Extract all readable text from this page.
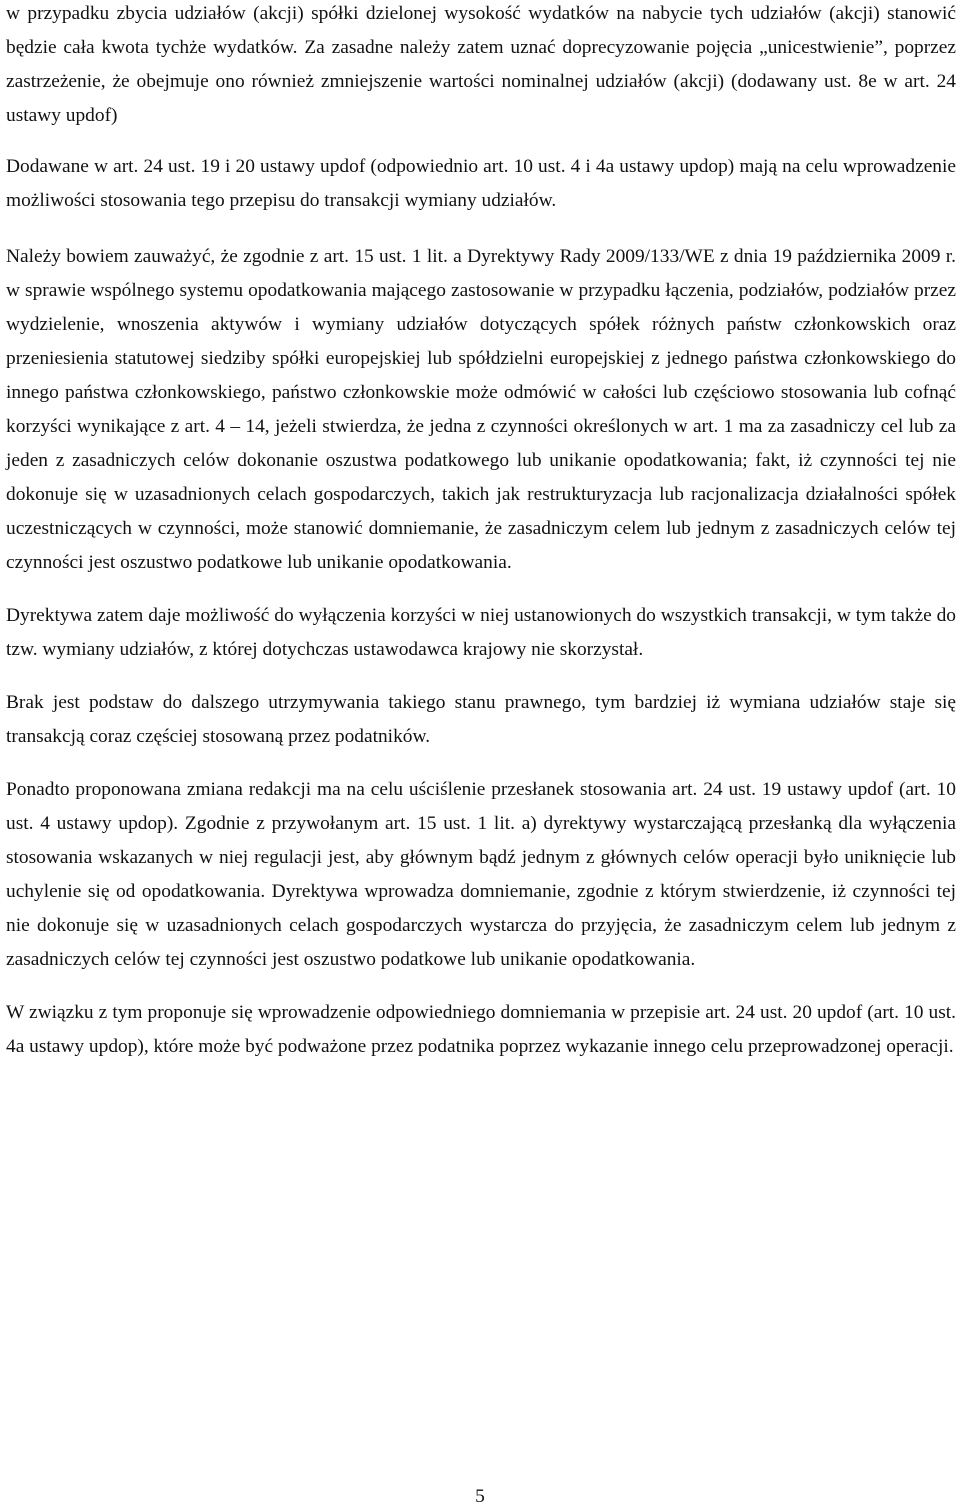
w przypadku zbycia udziałów (akcji) spółki dzielonej wysokość wydatków na nabycie tych udziałów (akcji) stanowić będzie cała kwota tychże wydatków. Za zasadne należy zatem uznać doprecyzowanie pojęcia „unicestwienie”, poprzez zastrzeżenie, że obejmuje ono również zmniejszenie wartości nominalnej udziałów (akcji) (dodawany ust. 8e w art. 24 ustawy updof)

Dodawane w art. 24 ust. 19 i 20 ustawy updof (odpowiednio art. 10 ust. 4 i 4a ustawy updop) mają na celu wprowadzenie możliwości stosowania tego przepisu do transakcji wymiany udziałów.

Należy bowiem zauważyć, że zgodnie z art. 15 ust. 1 lit. a Dyrektywy Rady 2009/133/WE z dnia 19 października 2009 r. w sprawie wspólnego systemu opodatkowania mającego zastosowanie w przypadku łączenia, podziałów, podziałów przez wydzielenie, wnoszenia aktywów i wymiany udziałów dotyczących spółek różnych państw członkowskich oraz przeniesienia statutowej siedziby spółki europejskiej lub spółdzielni europejskiej z jednego państwa członkowskiego do innego państwa członkowskiego, państwo członkowskie może odmówić w całości lub częściowo stosowania lub cofnąć korzyści wynikające z art. 4 – 14, jeżeli stwierdza, że jedna z czynności określonych w art. 1 ma za zasadniczy cel lub za jeden z zasadniczych celów dokonanie oszustwa podatkowego lub unikanie opodatkowania; fakt, iż czynności tej nie dokonuje się w uzasadnionych celach gospodarczych, takich jak restrukturyzacja lub racjonalizacja działalności spółek uczestniczących w czynności, może stanowić domniemanie, że zasadniczym celem lub jednym z zasadniczych celów tej czynności jest oszustwo podatkowe lub unikanie opodatkowania.

Dyrektywa zatem daje możliwość do wyłączenia korzyści w niej ustanowionych do wszystkich transakcji, w tym także do tzw. wymiany udziałów, z której dotychczas ustawodawca krajowy nie skorzystał.

Brak jest podstaw do dalszego utrzymywania takiego stanu prawnego, tym bardziej iż wymiana udziałów staje się transakcją coraz częściej stosowaną przez podatników.

Ponadto proponowana zmiana redakcji ma na celu uściślenie przesłanek stosowania art. 24 ust. 19 ustawy updof (art. 10 ust. 4 ustawy updop). Zgodnie z przywołanym art. 15 ust. 1 lit. a) dyrektywy wystarczającą przesłanką dla wyłączenia stosowania wskazanych w niej regulacji jest, aby głównym bądź jednym z głównych celów operacji było uniknięcie lub uchylenie się od opodatkowania. Dyrektywa wprowadza domniemanie, zgodnie z którym stwierdzenie, iż czynności tej nie dokonuje się w uzasadnionych celach gospodarczych wystarcza do przyjęcia, że zasadniczym celem lub jednym z zasadniczych celów tej czynności jest oszustwo podatkowe lub unikanie opodatkowania.

W związku z tym proponuje się wprowadzenie odpowiedniego domniemania w przepisie art. 24 ust. 20 updof (art. 10 ust. 4a ustawy updop), które może być podważone przez podatnika poprzez wykazanie innego celu przeprowadzonej operacji.

5
